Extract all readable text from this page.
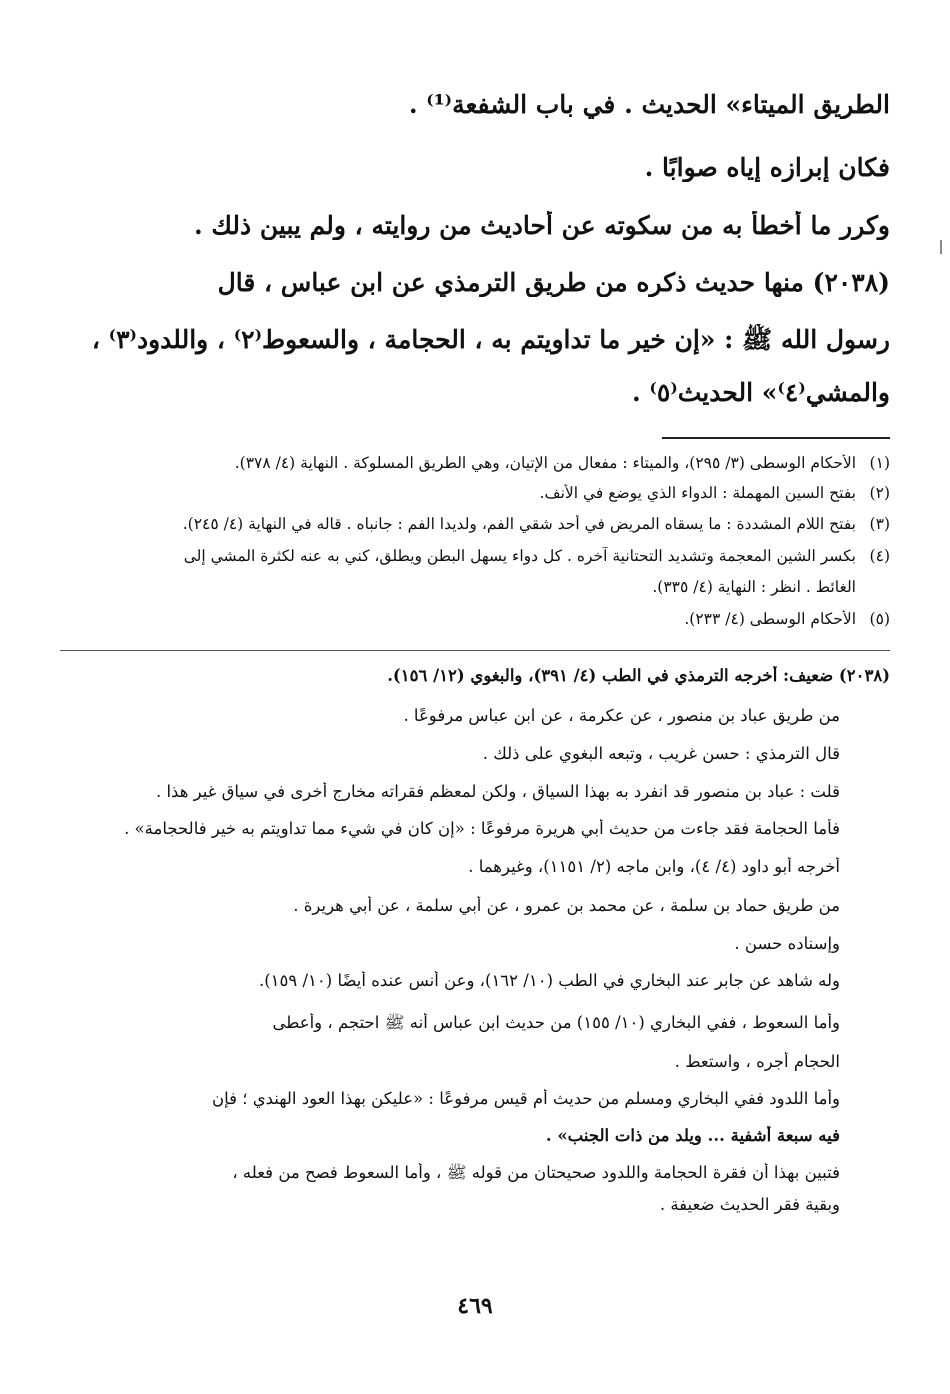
الطريق الميتاء» الحديث . في باب الشفعة⁽¹⁾ .
فكان إبرازه إياه صوابًا .
وكرر ما أخطأ به من سكوته عن أحاديث من روايته ، ولم يبين ذلك .
(٢٠٣٨) منها حديث ذكره من طريق الترمذي عن ابن عباس ، قال
رسول الله ﷺ : «إن خير ما تداويتم به ، الحجامة ، والسعوط⁽٢⁾ ، واللدود⁽٣⁾ ،
والمشي⁽٤⁾» الحديث⁽٥⁾ .
(١)الأحكام الوسطى (٣/ ٢٩٥)، والميتاء : مفعال من الإتيان، وهي الطريق المسلوكة . النهاية (٤/ ٣٧٨).
(٢)بفتح السين المهملة : الدواء الذي يوضع في الأنف.
(٣)بفتح اللام المشددة : ما يسقاه المريض في أحد شقي الفم، ولديدا الفم : جانباه . قاله في النهاية (٤/ ٢٤٥).
(٤)بكسر الشين المعجمة وتشديد التحتانية آخره . كل دواء يسهل البطن ويطلق، كني به عنه لكثرة المشي إلى
الغائط . انظر : النهاية (٤/ ٣٣٥).
(٥)الأحكام الوسطى (٤/ ٢٣٣).
(٢٠٣٨) ضعيف: أخرجه الترمذي في الطب (٤/ ٣٩١)، والبغوي (١٢/ ١٥٦).
من طريق عباد بن منصور ، عن عكرمة ، عن ابن عباس مرفوعًا .
قال الترمذي : حسن غريب ، وتبعه البغوي على ذلك .
قلت : عباد بن منصور قد انفرد به بهذا السياق ، ولكن لمعظم فقراته مخارج أخرى في سياق غير هذا .
فأما الحجامة فقد جاءت من حديث أبي هريرة مرفوعًا : «إن كان في شيء مما تداويتم به خير فالحجامة» .
أخرجه أبو داود (٤/ ٤)، وابن ماجه (٢/ ١١٥١)، وغيرهما .
من طريق حماد بن سلمة ، عن محمد بن عمرو ، عن أبي سلمة ، عن أبي هريرة .
وإسناده حسن .
وله شاهد عن جابر عند البخاري في الطب (١٠/ ١٦٢)، وعن أنس عنده أيضًا (١٠/ ١٥٩).
وأما السعوط ، ففي البخاري (١٠/ ١٥٥) من حديث ابن عباس أنه ﷺ احتجم ، وأعطى
الحجام أجره ، واستعط .
وأما اللدود ففي البخاري ومسلم من حديث أم قيس مرفوعًا : «عليكن بهذا العود الهندي ؛ فإن
فيه سبعة أشفية ... ويلد من ذات الجنب» .
فتبين بهذا أن فقرة الحجامة واللدود صحيحتان من قوله ﷺ ، وأما السعوط فصح من فعله ،
وبقية فقر الحديث ضعيفة .
٤٦٩
